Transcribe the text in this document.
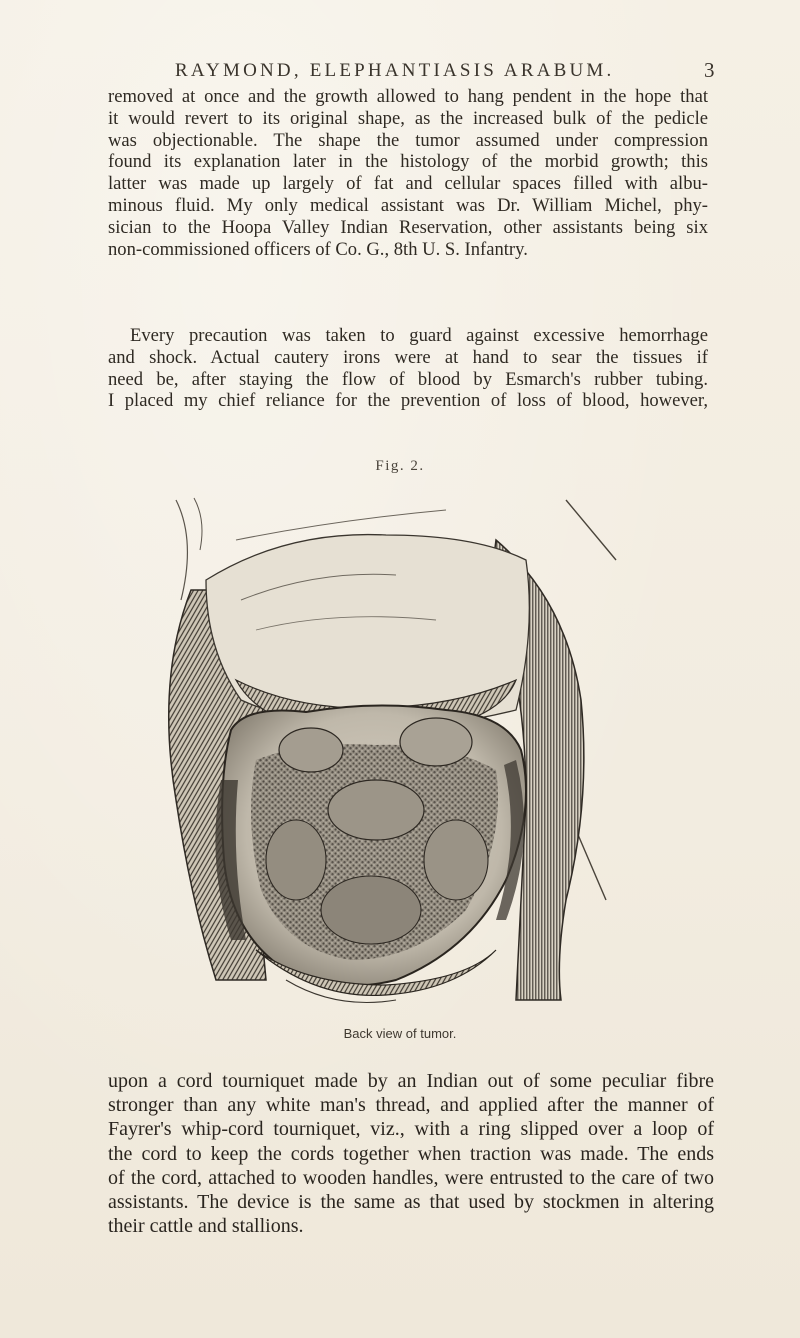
RAYMOND, ELEPHANTIASIS ARABUM.	3
removed at once and the growth allowed to hang pendent in the hope that
it would revert to its original shape, as the increased bulk of the pedicle
was objectionable. The shape the tumor assumed under compression
found its explanation later in the histology of the morbid growth; this
latter was made up largely of fat and cellular spaces filled with albu-
minous fluid. My only medical assistant was Dr. William Michel, phy-
sician to the Hoopa Valley Indian Reservation, other assistants being six
non-commissioned officers of Co. G., 8th U. S. Infantry.
Every precaution was taken to guard against excessive hemorrhage
and shock. Actual cautery irons were at hand to sear the tissues if
need be, after staying the flow of blood by Esmarch's rubber tubing.
I placed my chief reliance for the prevention of loss of blood, however,
Fig. 2.
Back view of tumor.
upon a cord tourniquet made by an Indian out of some peculiar fibre
stronger than any white man's thread, and applied after the manner of
Fayrer's whip-cord tourniquet, viz., with a ring slipped over a loop of
the cord to keep the cords together when traction was made. The ends
of the cord, attached to wooden handles, were entrusted to the care of two
assistants. The device is the same as that used by stockmen in altering
their cattle and stallions.
